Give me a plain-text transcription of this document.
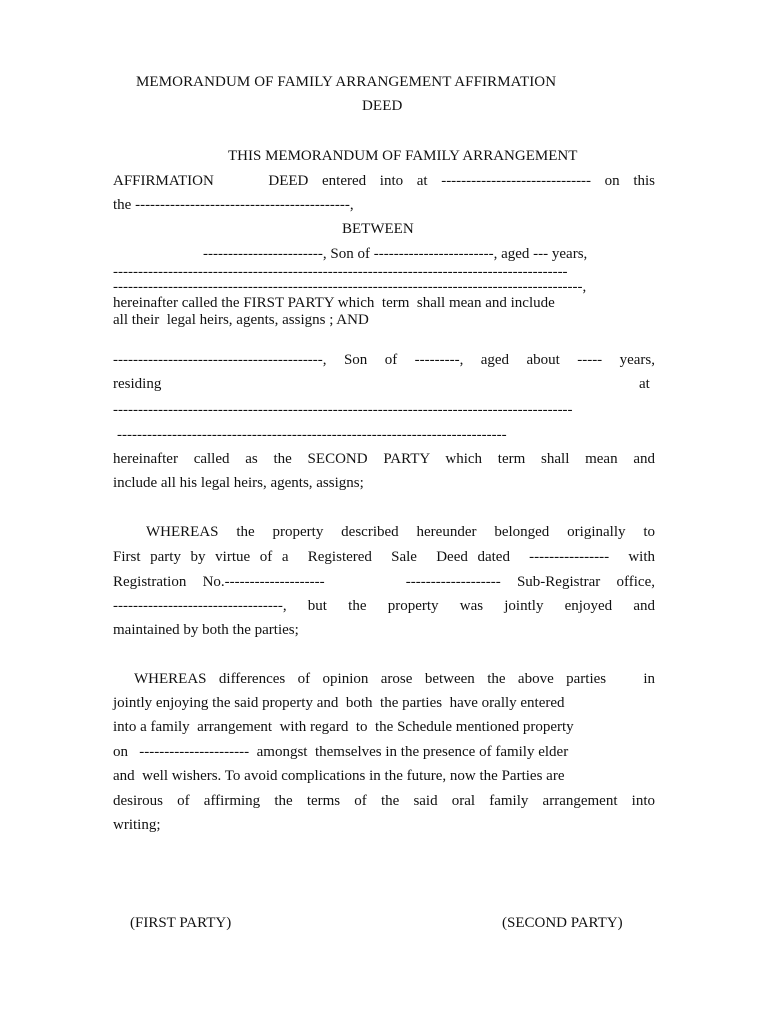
MEMORANDUM OF FAMILY ARRANGEMENT AFFIRMATION

DEED

THIS MEMORANDUM OF FAMILY ARRANGEMENT

AFFIRMATION    DEED entered into at ------------------------------ on this

the -------------------------------------------,

BETWEEN

------------------------, Son of ------------------------, aged --- years,

-------------------------------------------------------------------------------------------

----------------------------------------------------------------------------------------------,

hereinafter called the FIRST PARTY which  term  shall mean and include

all their  legal heirs, agents, assigns ; AND

------------------------------------------, Son of ---------, aged about ----- years,

residing	at

--------------------------------------------------------------------------------------------

------------------------------------------------------------------------------

hereinafter called as the SECOND PARTY which term shall mean and

include all his legal heirs, agents, assigns;

WHEREAS the property described hereunder belonged originally to

First party by virtue of a  Registered  Sale  Deed dated  ----------------  with

Registration No.--------------------     ------------------- Sub-Registrar office,

----------------------------------, but the property was jointly enjoyed and

maintained by both the parties;

WHEREAS differences of opinion arose between the above parties   in

jointly enjoying the said property and  both  the parties  have orally entered

into a family  arrangement  with regard  to  the Schedule mentioned property

on   ----------------------  amongst  themselves in the presence of family elder

and  well wishers. To avoid complications in the future, now the Parties are

desirous of affirming the terms of the said oral family arrangement into

writing;

(FIRST PARTY)	(SECOND PARTY)
